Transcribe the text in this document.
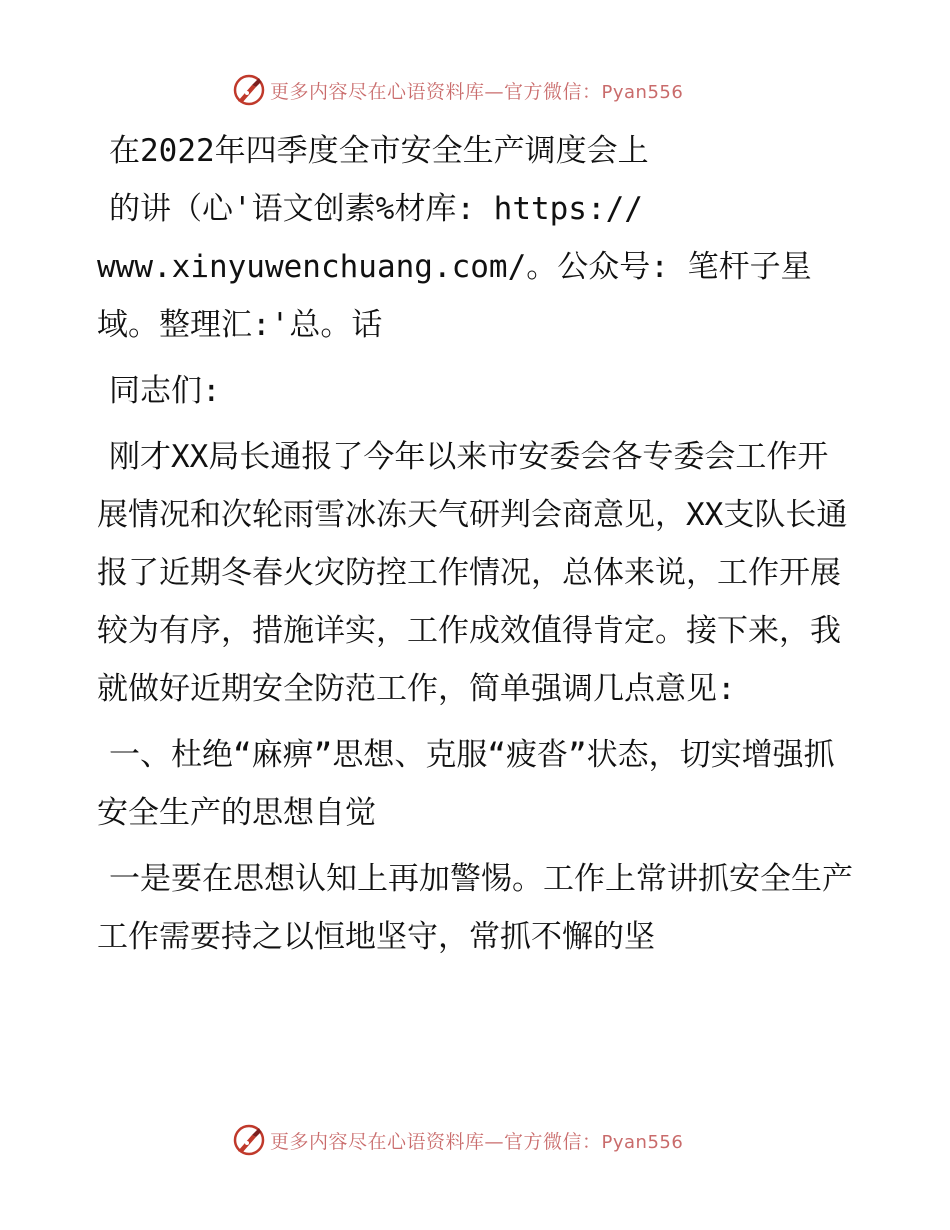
更多内容尽在心语资料库—官方微信：Pyan556

在2022年四季度全市安全生产调度会上

的讲（心'语文创素%材库: https://
www.xinyuwenchuang.com/。公众号: 笔杆子星
域。整理汇:'总。话

同志们:

刚才XX局长通报了今年以来市安委会各专委会工作开展情况和次轮雨雪冰冻天气研判会商意见，XX支队长通报了近期冬春火灾防控工作情况，总体来说，工作开展较为有序，措施详实，工作成效值得肯定。接下来，我就做好近期安全防范工作，简单强调几点意见:

一、杜绝“麻痹”思想、克服“疲沓”状态，切实增强抓安全生产的思想自觉

一是要在思想认知上再加警惕。工作上常讲抓安全生产工作需要持之以恒地坚守，常抓不懈的坚

更多内容尽在心语资料库—官方微信：Pyan556
